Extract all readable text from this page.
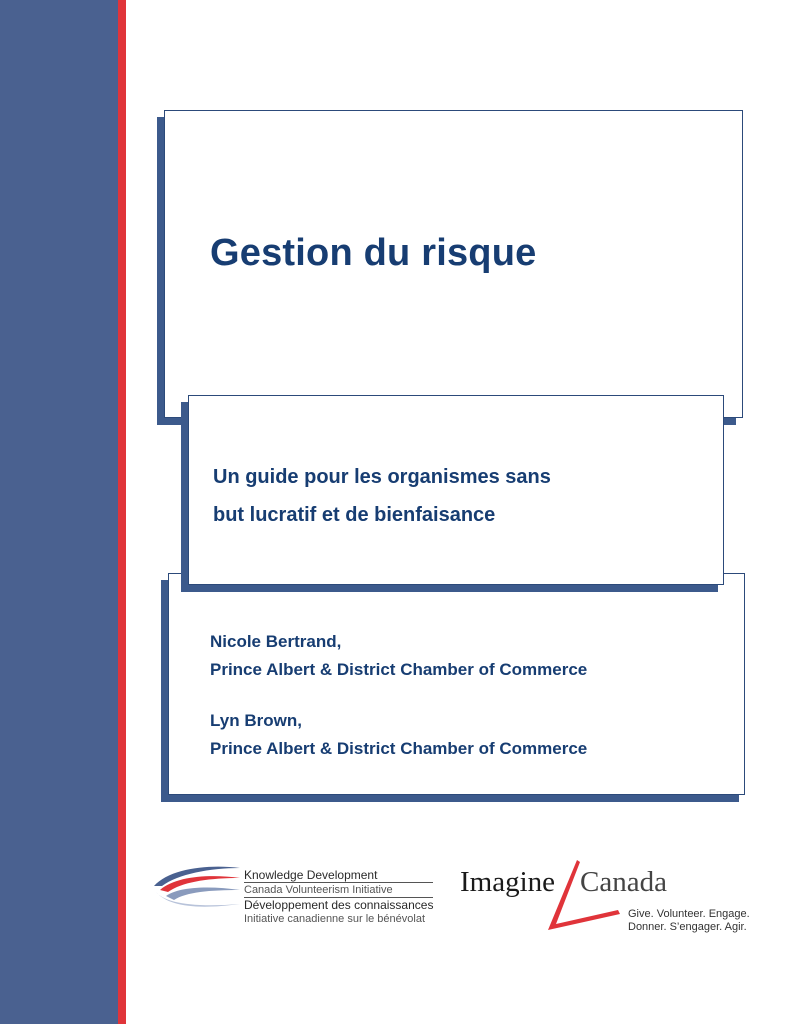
Gestion du risque
Un guide pour les organismes sans
but lucratif et de bienfaisance
Nicole Bertrand,
Prince Albert & District Chamber of Commerce
Lyn Brown,
Prince Albert & District Chamber of Commerce
Knowledge Development
Canada Volunteerism Initiative
Développement des connaissances
Initiative canadienne sur le bénévolat
Imagine Canada
Give. Volunteer. Engage.
Donner. S’engager. Agir.
